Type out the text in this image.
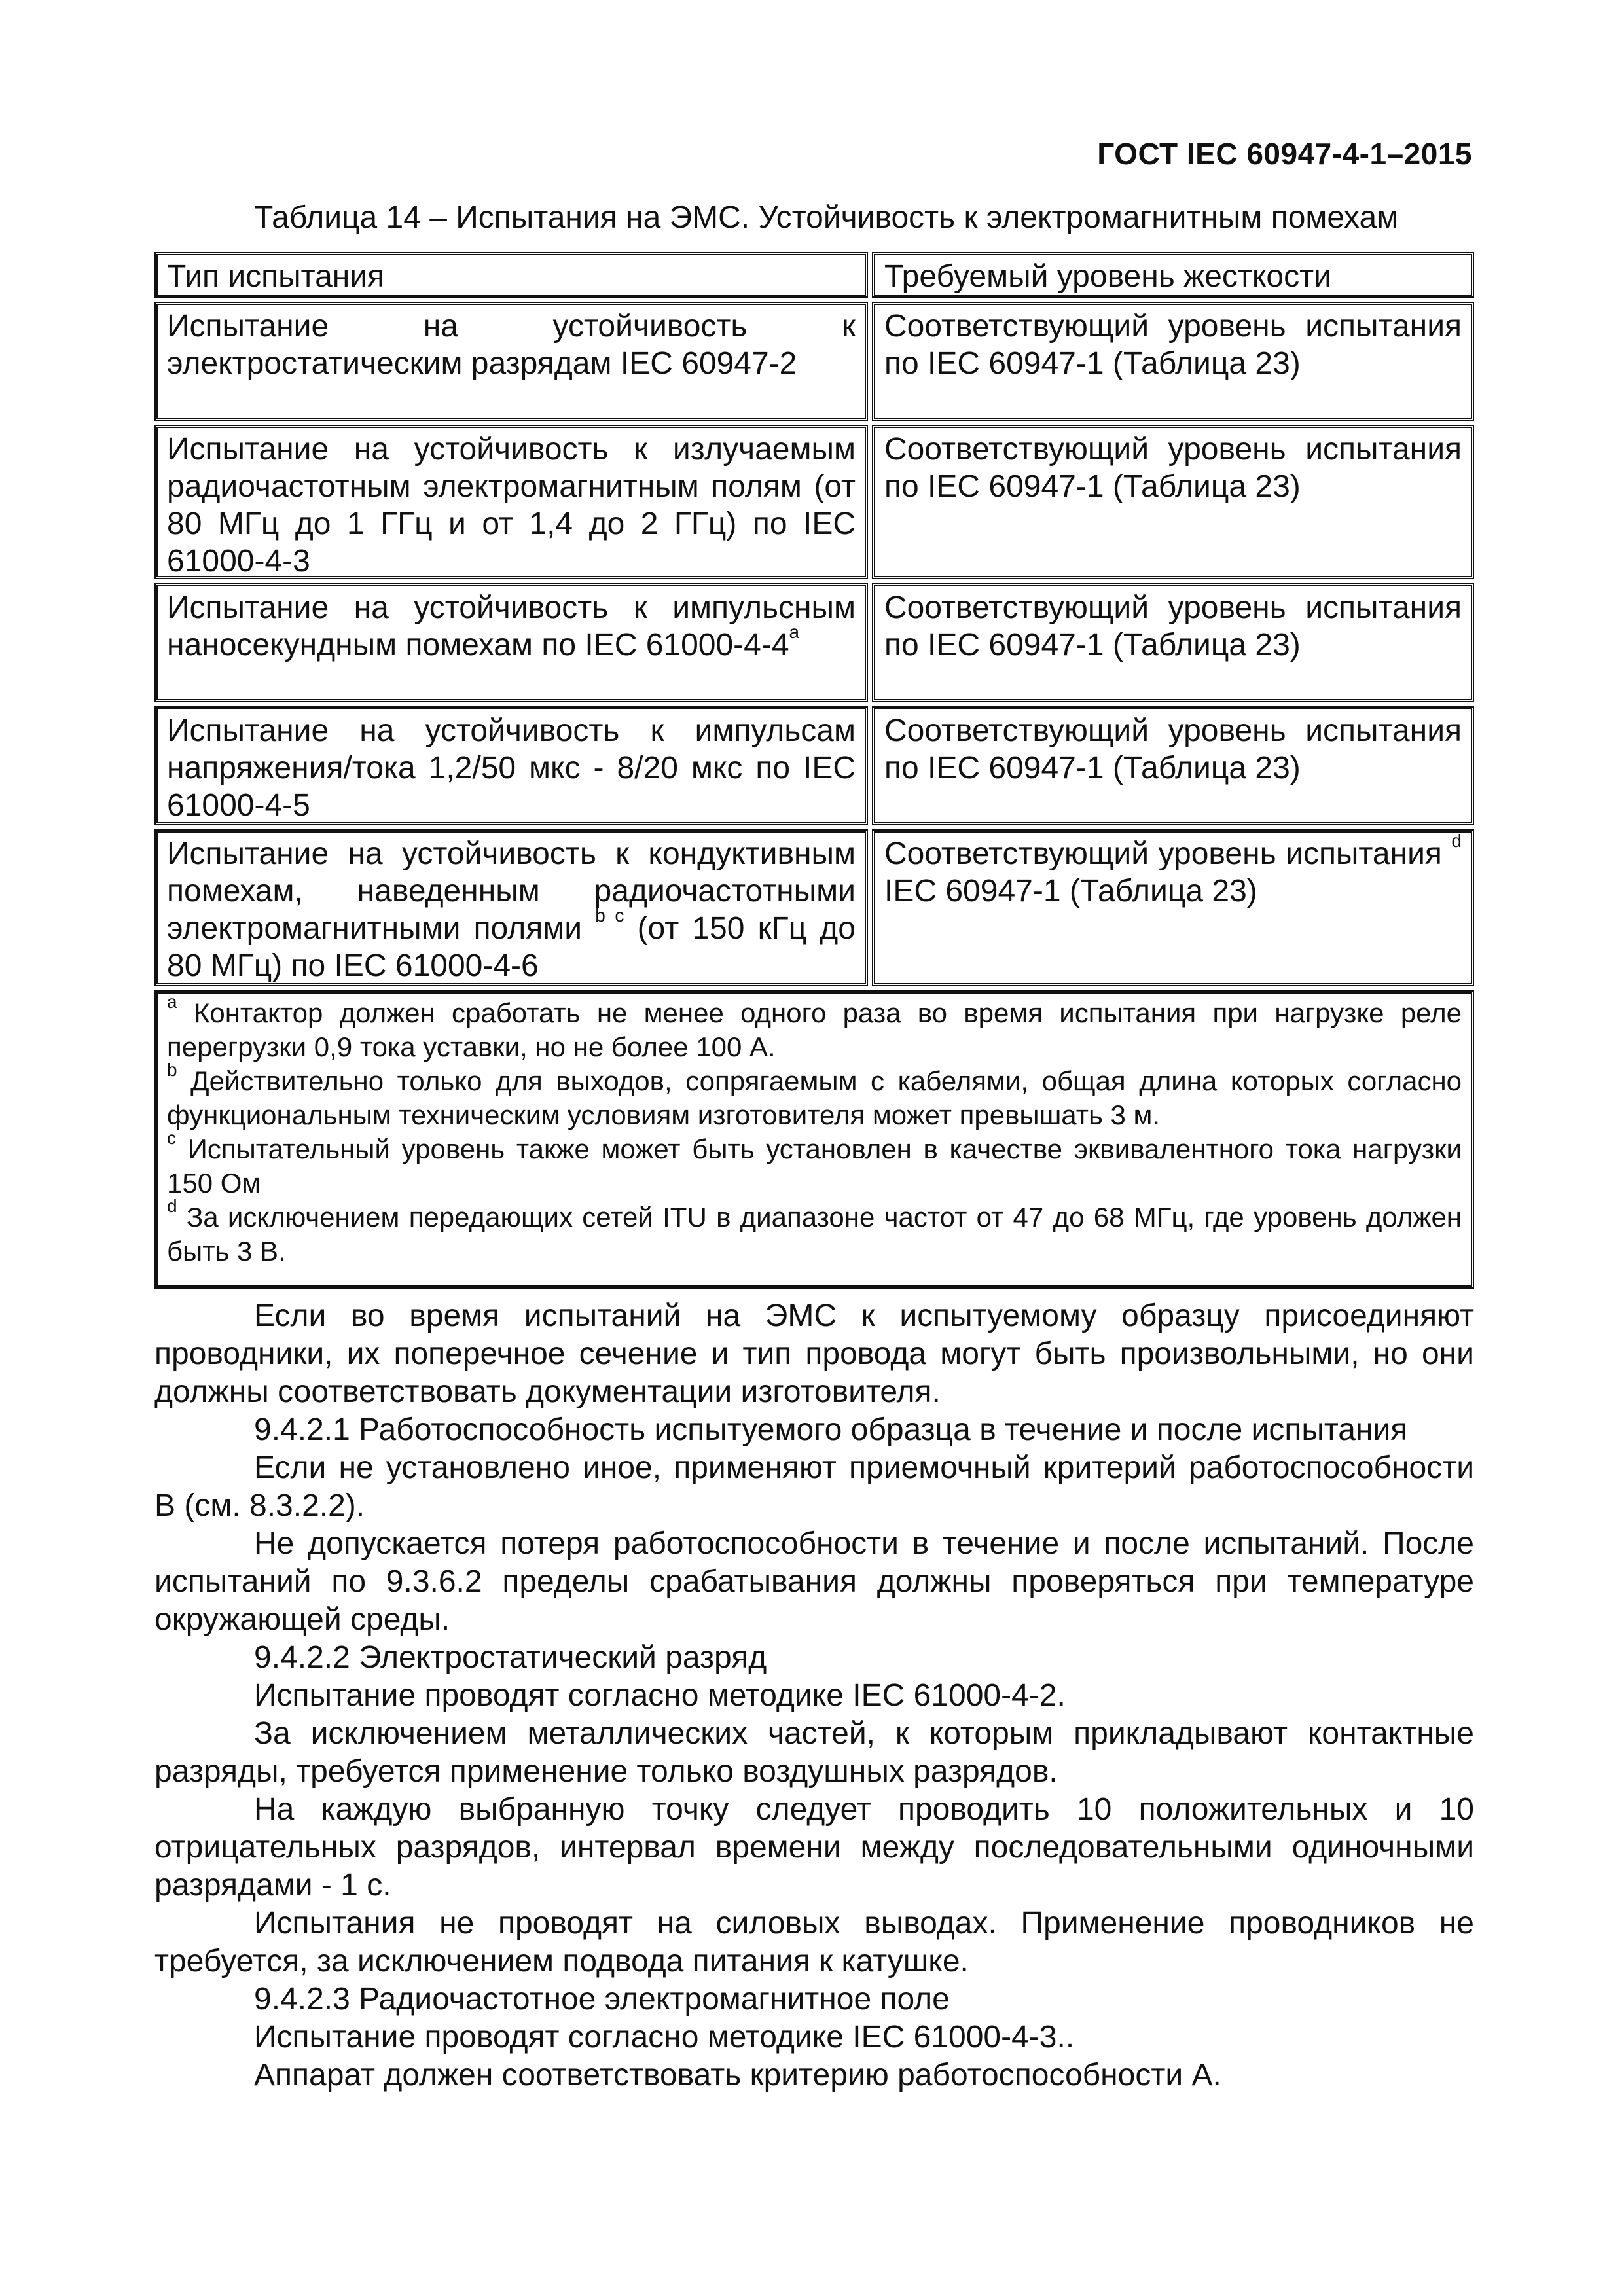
ГОСТ IEC 60947-4-1–2015
Таблица 14 – Испытания на ЭМС. Устойчивость к электромагнитным помехам
Тип испытания	Требуемый уровень жесткости
Испытание на устойчивость к электростатическим разрядам IEC 60947-2
Соответствующий уровень испытания по IEC 60947-1 (Таблица 23)
Испытание на устойчивость к излучаемым радиочастотным электромагнитным полям (от 80 МГц до 1 ГГц и от 1,4 до 2 ГГц) по IEC 61000-4-3
Соответствующий уровень испытания по IEC 60947-1 (Таблица 23)
Испытание на устойчивость к импульсным наносекундным помехам по IEC 61000-4-4$^a$
Соответствующий уровень испытания по IEC 60947-1 (Таблица 23)
Испытание на устойчивость к импульсам напряжения/тока 1,2/50 мкс - 8/20 мкс по IEC 61000-4-5
Соответствующий уровень испытания по IEC 60947-1 (Таблица 23)
Испытание на устойчивость к кондуктивным помехам, наведенным радиочастотными электромагнитными полями $^{b c}$ (от 150 кГц до 80 МГц) по IEC 61000-4-6
Соответствующий уровень испытания $^d$ IEC 60947-1 (Таблица 23)

$^a$ Контактор должен сработать не менее одного раза во время испытания при нагрузке реле перегрузки 0,9 тока уставки, но не более 100 А.

$^b$ Действительно только для выходов, сопрягаемым с кабелями, общая длина которых согласно функциональным техническим условиям изготовителя может превышать 3 м.

$^c$ Испытательный уровень также может быть установлен в качестве эквивалентного тока нагрузки 150 Ом

$^d$ За исключением передающих сетей ITU в диапазоне частот от 47 до 68 МГц, где уровень должен быть 3 В.

Если во время испытаний на ЭМС к испытуемому образцу присоединяют проводники, их поперечное сечение и тип провода могут быть произвольными, но они должны соответствовать документации изготовителя.

9.4.2.1 Работоспособность испытуемого образца в течение и после испытания

Если не установлено иное, применяют приемочный критерий работоспособности В (см. 8.3.2.2).

Не допускается потеря работоспособности в течение и после испытаний. После испытаний по 9.3.6.2 пределы срабатывания должны проверяться при температуре окружающей среды.

9.4.2.2 Электростатический разряд

Испытание проводят согласно методике IEC 61000-4-2.

За исключением металлических частей, к которым прикладывают контактные разряды, требуется применение только воздушных разрядов.

На каждую выбранную точку следует проводить 10 положительных и 10 отрицательных разрядов, интервал времени между последовательными одиночными разрядами - 1 с.

Испытания не проводят на силовых выводах. Применение проводников не требуется, за исключением подвода питания к катушке.

9.4.2.3 Радиочастотное электромагнитное поле

Испытание проводят согласно методике IEC 61000-4-3..

Аппарат должен соответствовать критерию работоспособности А.
